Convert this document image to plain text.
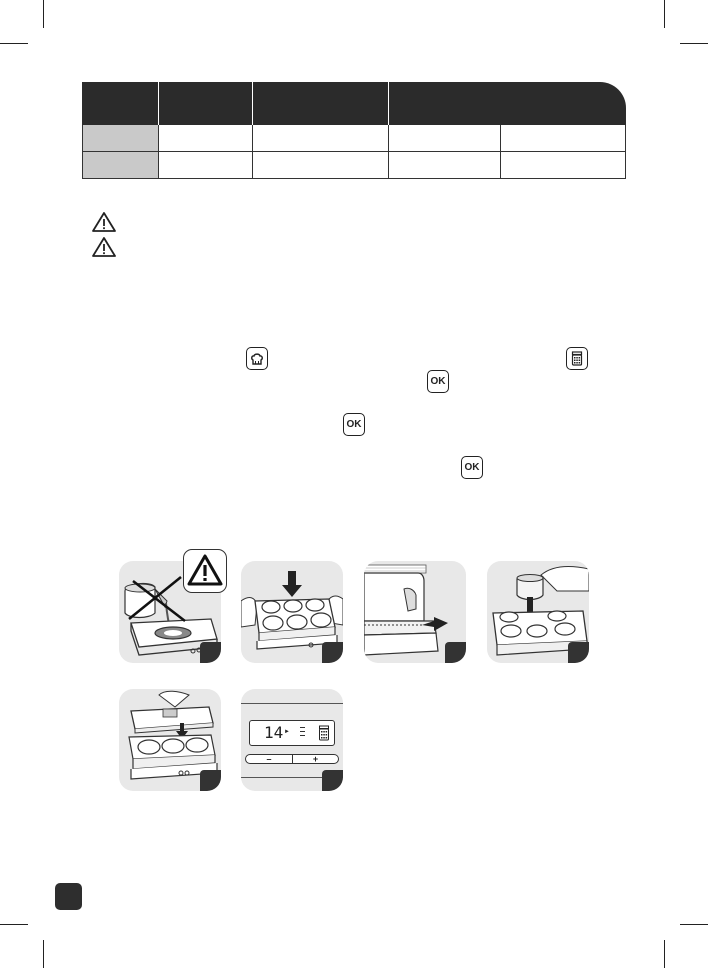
OK
OK
OK
14 ►
–	+
